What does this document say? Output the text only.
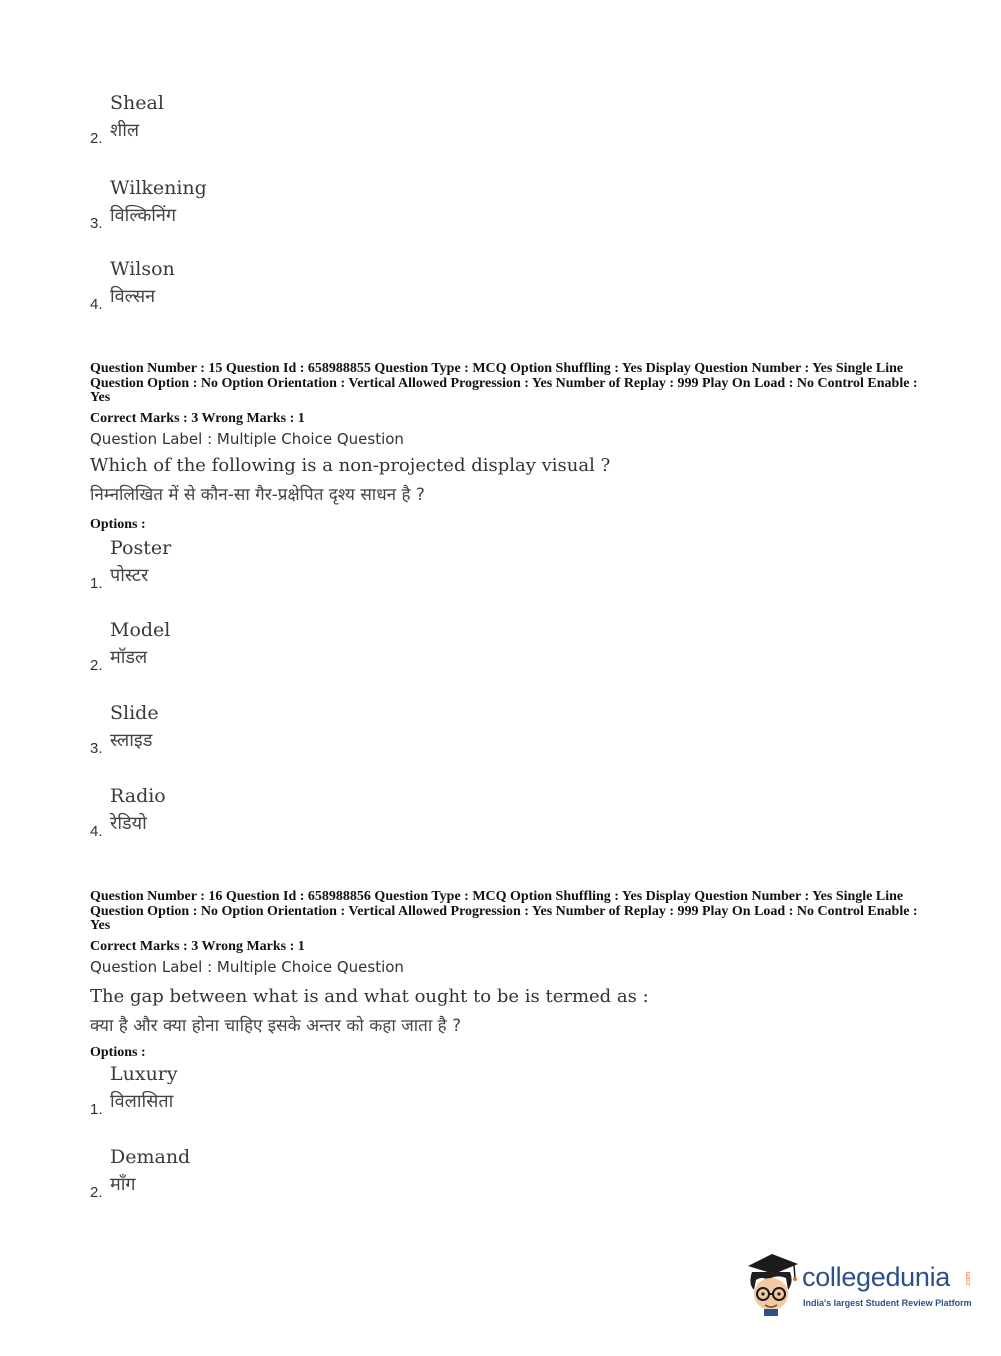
Sheal
शील
2.
Wilkening
विल्किनिंग
3.
Wilson
विल्सन
4.
Question Number : 15 Question Id : 658988855 Question Type : MCQ Option Shuffling : Yes Display Question Number : Yes Single Line Question Option : No Option Orientation : Vertical Allowed Progression : Yes Number of Replay : 999 Play On Load : No Control Enable : Yes
Correct Marks : 3 Wrong Marks : 1
Question Label : Multiple Choice Question
Which of the following is a non-projected display visual ?
निम्नलिखित में से कौन-सा गैर-प्रक्षेपित दृश्य साधन है ?
Options :
Poster
पोस्टर
1.
Model
मॉडल
2.
Slide
स्लाइड
3.
Radio
रेडियो
4.
Question Number : 16 Question Id : 658988856 Question Type : MCQ Option Shuffling : Yes Display Question Number : Yes Single Line Question Option : No Option Orientation : Vertical Allowed Progression : Yes Number of Replay : 999 Play On Load : No Control Enable : Yes
Correct Marks : 3 Wrong Marks : 1
Question Label : Multiple Choice Question
The gap between what is and what ought to be is termed as :
क्या है और क्या होना चाहिए इसके अन्तर को कहा जाता है ?
Options :
Luxury
विलासिता
1.
Demand
माँग
2.
collegedunia .com
India's largest Student Review Platform
